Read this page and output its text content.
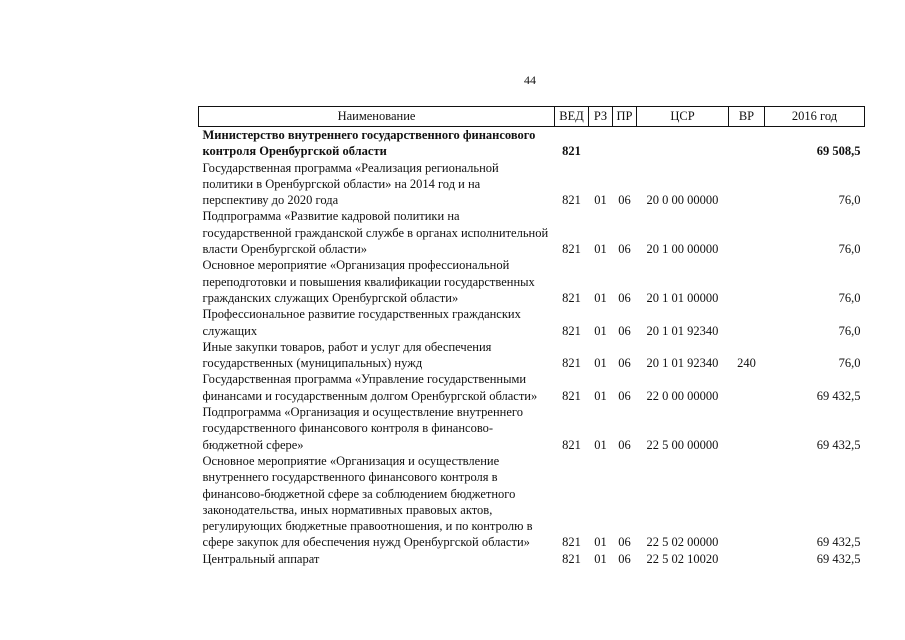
44
Наименование	ВЕД	РЗ	ПР	ЦСР	ВР	2016 год
Министерство внутреннего государственного финансового контроля Оренбургской области	821					69 508,5
Государственная программа «Реализация региональной политики в Оренбургской области» на 2014 год и на перспективу до 2020 года	821	01	06	20 0 00 00000		76,0
Подпрограмма «Развитие кадровой политики на государственной гражданской службе в органах исполнительной власти Оренбургской области»	821	01	06	20 1 00 00000		76,0
Основное мероприятие «Организация профессиональной переподготовки и повышения квалификации государственных гражданских служащих Оренбургской области»	821	01	06	20 1 01 00000		76,0
Профессиональное развитие государственных гражданских служащих	821	01	06	20 1 01 92340		76,0
Иные закупки товаров, работ и услуг для обеспечения государственных (муниципальных) нужд	821	01	06	20 1 01 92340	240	76,0
Государственная программа «Управление государственными финансами и государственным долгом Оренбургской области»	821	01	06	22 0 00 00000		69 432,5
Подпрограмма «Организация и осуществление внутреннего государственного финансового контроля в финансово-бюджетной сфере»	821	01	06	22 5 00 00000		69 432,5
Основное мероприятие «Организация и осуществление внутреннего государственного финансового контроля в финансово-бюджетной сфере за соблюдением бюджетного законодательства, иных нормативных правовых актов, регулирующих бюджетные правоотношения, и по контролю в сфере закупок для обеспечения нужд Оренбургской области»	821	01	06	22 5 02 00000		69 432,5
Центральный аппарат	821	01	06	22 5 02 10020		69 432,5
